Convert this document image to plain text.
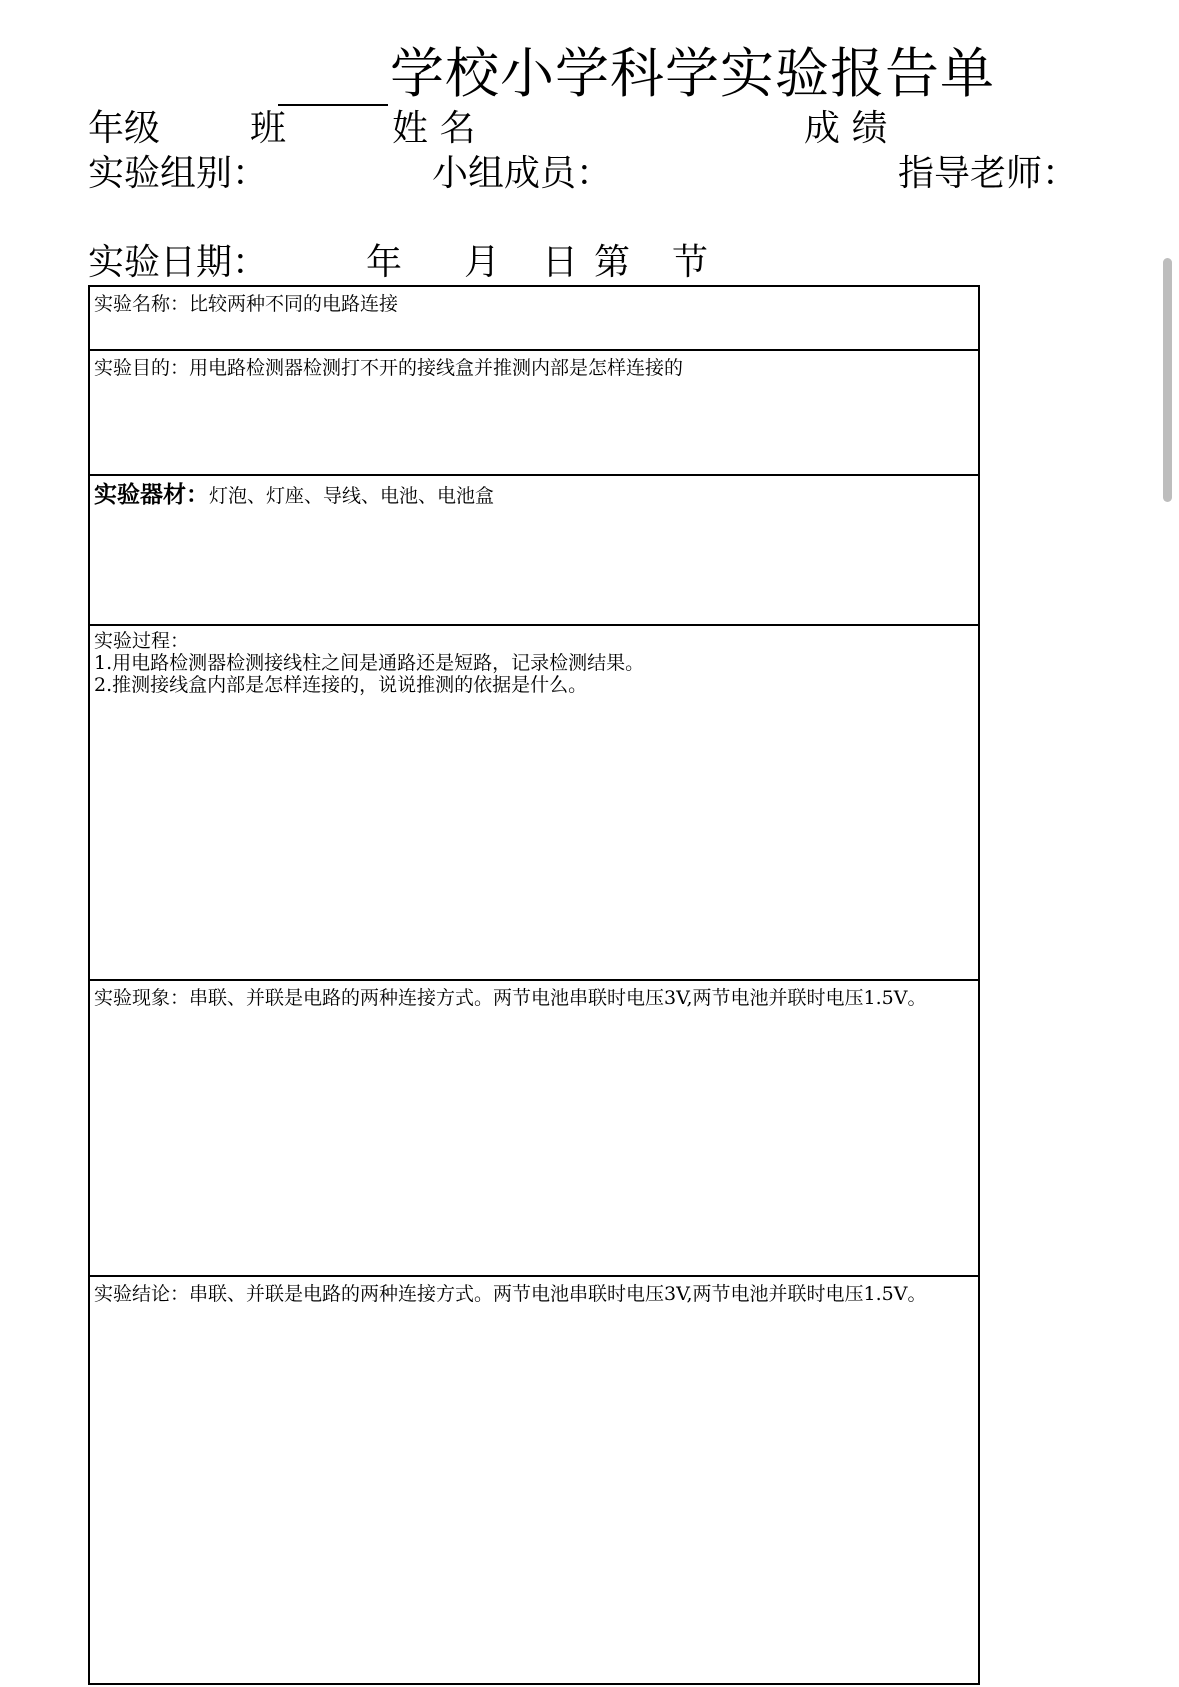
学校小学科学实验报告单
年级 班	姓 名	成 绩
实验组别：	小组成员：	指导老师：
实验日期：	年 月 日 第 节
实验名称：比较两种不同的电路连接
实验目的：用电路检测器检测打不开的接线盒并推测内部是怎样连接的
实验器材：灯泡、灯座、导线、电池、电池盒
实验过程：
1.用电路检测器检测接线柱之间是通路还是短路，记录检测结果。
2.推测接线盒内部是怎样连接的，说说推测的依据是什么。
实验现象：串联、并联是电路的两种连接方式。两节电池串联时电压3V,两节电池并联时电压1.5V。
实验结论：串联、并联是电路的两种连接方式。两节电池串联时电压3V,两节电池并联时电压1.5V。
